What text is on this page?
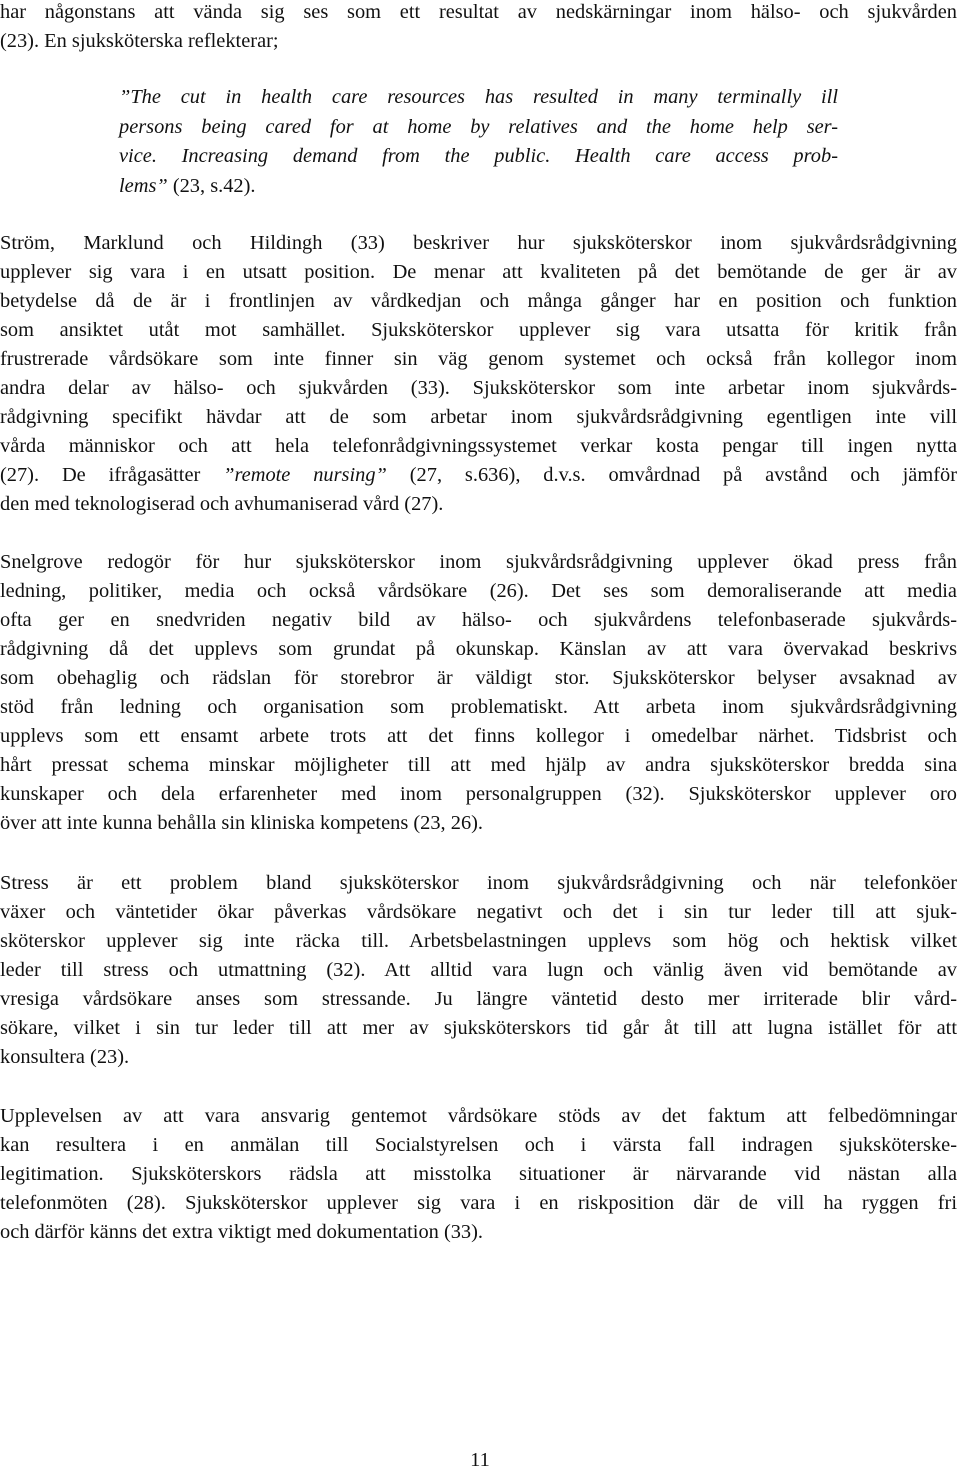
har någonstans att vända sig ses som ett resultat av nedskärningar inom hälso- och sjukvården
(23). En sjuksköterska reflekterar;
”The cut in health care resources has resulted in many terminally ill
persons being cared for at home by relatives and the home help ser-
vice. Increasing demand from the public. Health care access prob-
lems” (23, s.42).
Ström, Marklund och Hildingh (33) beskriver hur sjuksköterskor inom sjukvårdsrådgivning
upplever sig vara i en utsatt position. De menar att kvaliteten på det bemötande de ger är av
betydelse då de är i frontlinjen av vårdkedjan och många gånger har en position och funktion
som ansiktet utåt mot samhället. Sjuksköterskor upplever sig vara utsatta för kritik från
frustrerade vårdsökare som inte finner sin väg genom systemet och också från kollegor inom
andra delar av hälso- och sjukvården (33). Sjuksköterskor som inte arbetar inom sjukvårds-
rådgivning specifikt hävdar att de som arbetar inom sjukvårdsrådgivning egentligen inte vill
vårda människor och att hela telefonrådgivningssystemet verkar kosta pengar till ingen nytta
(27). De ifrågasätter ”remote nursing” (27, s.636), d.v.s. omvårdnad på avstånd och jämför
den med teknologiserad och avhumaniserad vård (27).
Snelgrove redogör för hur sjuksköterskor inom sjukvårdsrådgivning upplever ökad press från
ledning, politiker, media och också vårdsökare (26). Det ses som demoraliserande att media
ofta ger en snedvriden negativ bild av hälso- och sjukvårdens telefonbaserade sjukvårds-
rådgivning då det upplevs som grundat på okunskap. Känslan av att vara övervakad beskrivs
som obehaglig och rädslan för storebror är väldigt stor. Sjuksköterskor belyser avsaknad av
stöd från ledning och organisation som problematiskt. Att arbeta inom sjukvårdsrådgivning
upplevs som ett ensamt arbete trots att det finns kollegor i omedelbar närhet. Tidsbrist och
hårt pressat schema minskar möjligheter till att med hjälp av andra sjuksköterskor bredda sina
kunskaper och dela erfarenheter med inom personalgruppen (32). Sjuksköterskor upplever oro
över att inte kunna behålla sin kliniska kompetens (23, 26).
Stress är ett problem bland sjuksköterskor inom sjukvårdsrådgivning och när telefonköer
växer och väntetider ökar påverkas vårdsökare negativt och det i sin tur leder till att sjuk-
sköterskor upplever sig inte räcka till. Arbetsbelastningen upplevs som hög och hektisk vilket
leder till stress och utmattning (32). Att alltid vara lugn och vänlig även vid bemötande av
vresiga vårdsökare anses som stressande. Ju längre väntetid desto mer irriterade blir vård-
sökare, vilket i sin tur leder till att mer av sjuksköterskors tid går åt till att lugna istället för att
konsultera (23).
Upplevelsen av att vara ansvarig gentemot vårdsökare stöds av det faktum att felbedömningar
kan resultera i en anmälan till Socialstyrelsen och i värsta fall indragen sjuksköterske-
legitimation. Sjuksköterskors rädsla att misstolka situationer är närvarande vid nästan alla
telefonmöten (28). Sjuksköterskor upplever sig vara i en riskposition där de vill ha ryggen fri
och därför känns det extra viktigt med dokumentation (33).
11
